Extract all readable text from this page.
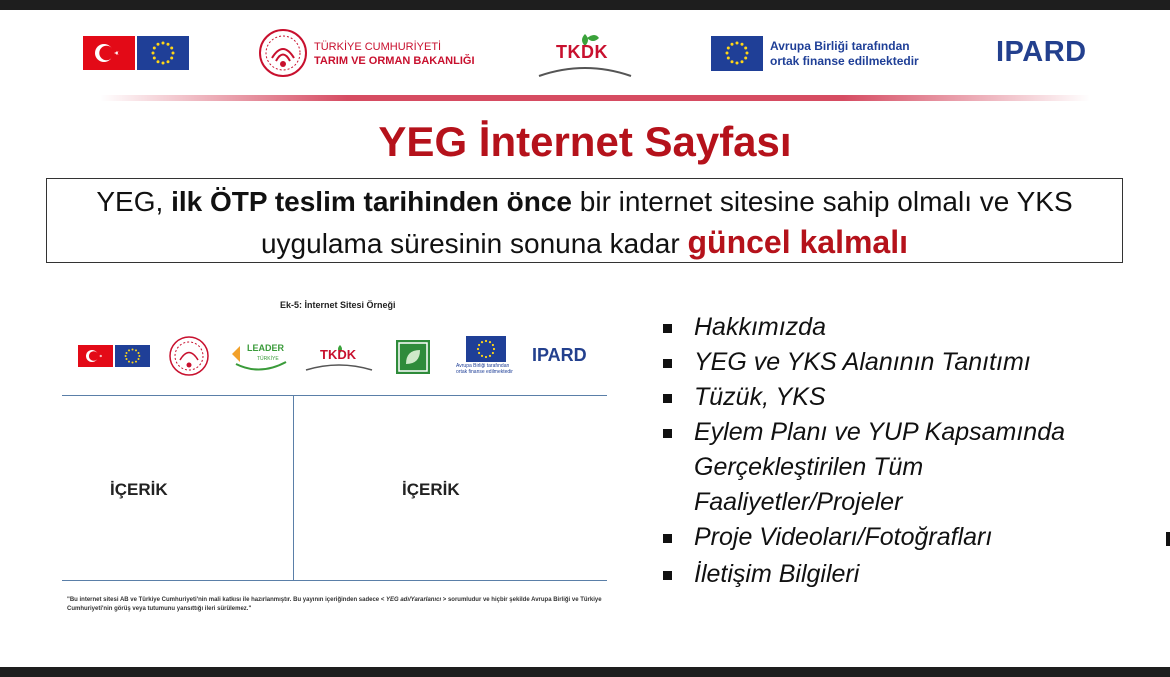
TÜRKİYE CUMHURİYETİ
TARIM VE ORMAN BAKANLIĞI	TKDK	Avrupa Birliği tarafından
ortak finanse edilmektedir	IPARD
YEG İnternet Sayfası
YEG, ilk ÖTP teslim tarihinden önce bir internet sitesine sahip olmalı ve YKS uygulama süresinin sonuna kadar güncel kalmalı
Ek-5: İnternet Sitesi Örneği
LEADER
TÜRKİYE	TKDK
Avrupa Birliği tarafından
ortak finanse edilmektedir
IPARD
İÇERİK	İÇERİK
"Bu internet sitesi AB ve Türkiye Cumhuriyeti'nin mali katkısı ile hazırlanmıştır. Bu yayının içeriğinden sadece < YEG adı/Yararlanıcı > sorumludur ve hiçbir şekilde Avrupa Birliği ve Türkiye Cumhuriyeti'nin görüş veya tutumunu yansıttığı ileri sürülemez."
Hakkımızda
YEG ve YKS Alanının Tanıtımı
Tüzük, YKS
Eylem Planı ve YUP Kapsamında Gerçekleştirilen Tüm Faaliyetler/Projeler
Proje Videoları/Fotoğrafları
İletişim Bilgileri
